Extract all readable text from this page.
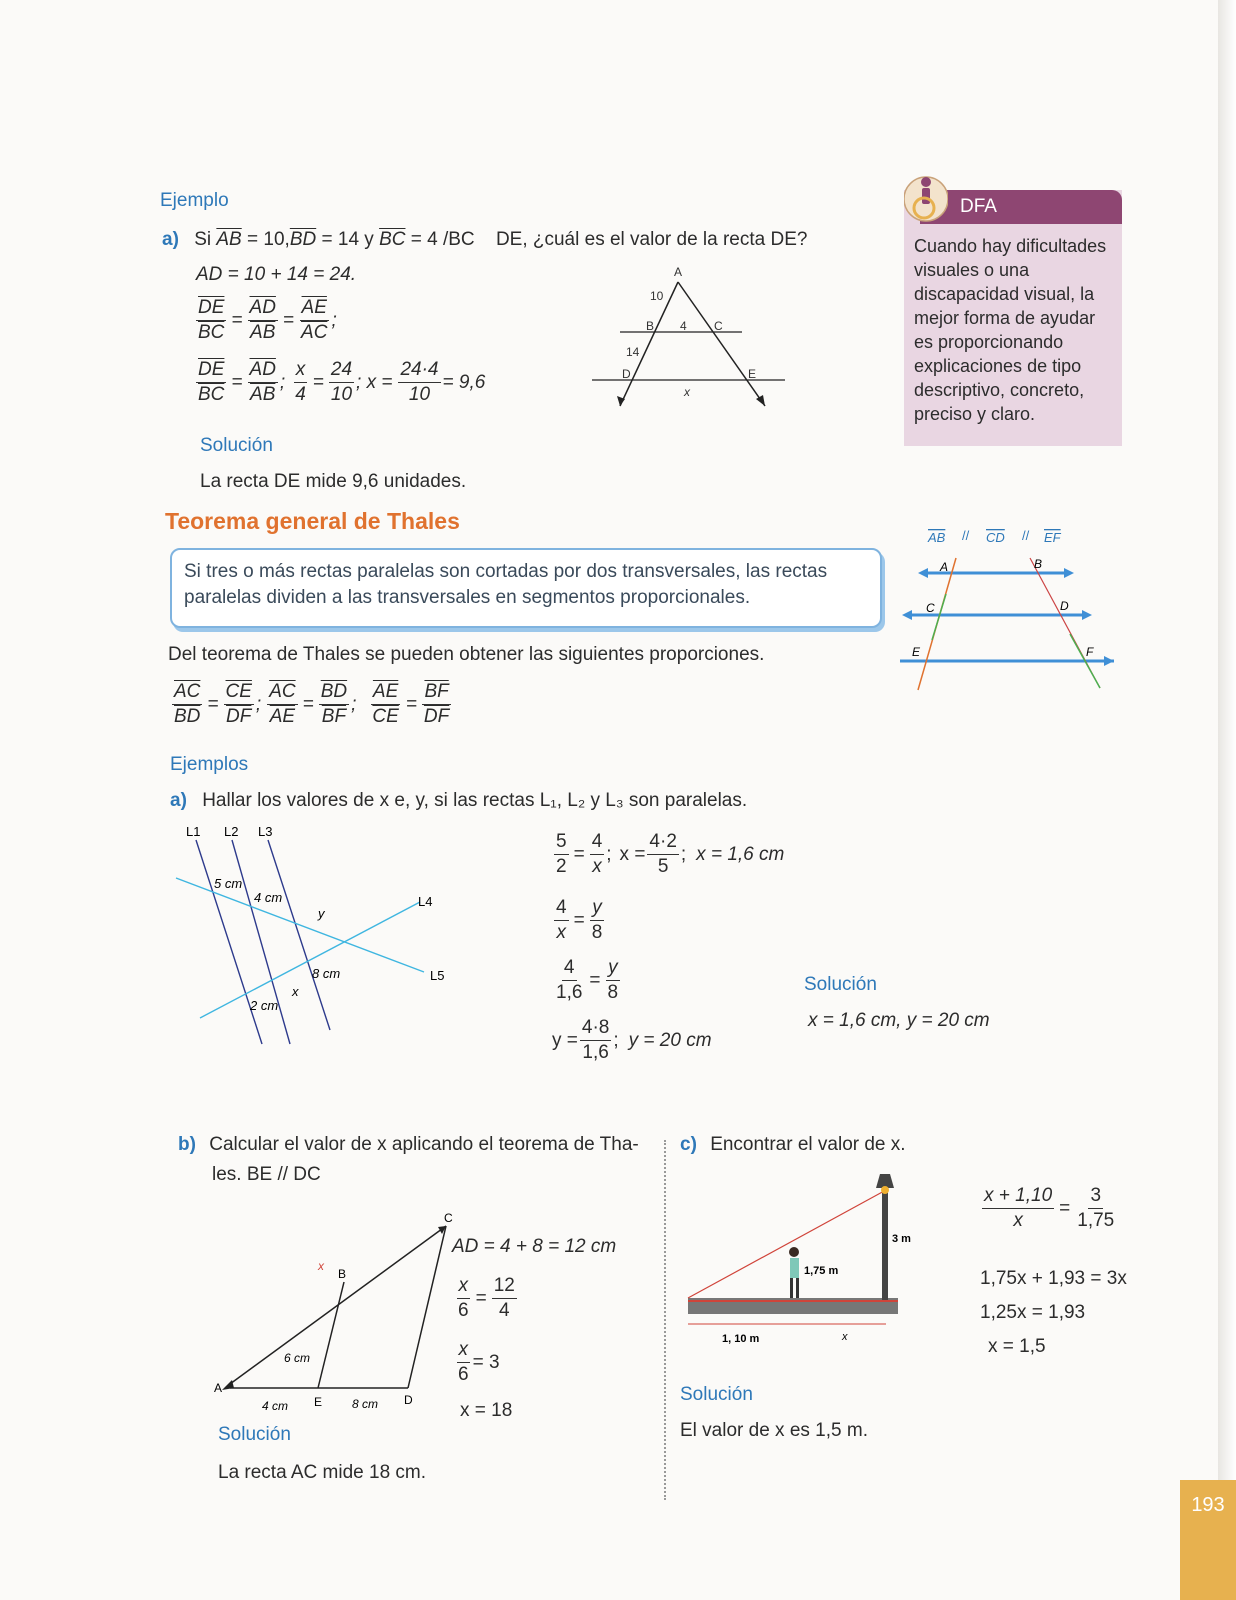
Ejemplo
a) Si $\overline{AB} = 10,\overline{BD} = 14$ y $\overline{BC} = 4$ /BC DE, ¿cuál es el valor de la recta DE?
AD = 10 + 14 = 24.
$\frac{\overline{DE}}{BC} = \frac{\overline{AD}}{AB} = \frac{\overline{AE}}{AC}$ ;
$\frac{\overline{DE}}{BC} = \frac{\overline{AD}}{AB}$ ; $\frac{x}{4} = \frac{24}{10}$ ; $x = \frac{24\cdot 4}{10} = 9,6$
Solución
La recta DE mide 9,6 unidades.
A
B	C
D	E
10
4
14
x
DFA
Cuando hay dificultades visuales o una discapacidad visual, la mejor forma de ayudar es proporcionando explicaciones de tipo descriptivo, concreto, preciso y claro.
Teorema general de Thales
Si tres o más rectas paralelas son cortadas por dos transversales, las rectas paralelas dividen a las transversales en segmentos proporcionales.
AB // CD // EF
A	B
C	D
E	F
Del teorema de Thales se pueden obtener las siguientes proporciones.
$\frac{\overline{AC}}{BD} = \frac{\overline{CE}}{DF}$ ; $\frac{\overline{AC}}{AE} = \frac{\overline{BD}}{BF}$ ; $\frac{\overline{AE}}{CE} = \frac{\overline{BF}}{DF}$
Ejemplos
a) Hallar los valores de x e, y, si las rectas L₁, L₂ y L₃ son paralelas.
L1 L2 L3
L4
L5
5 cm
4 cm
y
8 cm
x
2 cm
$\frac{5}{2} = \frac{4}{x}$ ; $x = \frac{4\cdot 2}{5}$ ; x = 1,6 cm
$\frac{4}{x} = \frac{y}{8}$
$\frac{4}{1,6} = \frac{y}{8}$
$y = \frac{4\cdot 8}{1,6}$ ; y = 20 cm
Solución
x = 1,6 cm, y = 20 cm
b) Calcular el valor de x aplicando el teorema de Tha-
les. BE // DC
C
B
A
E	D
x
6 cm
4 cm	8 cm
AD = 4 + 8 = 12 cm
$\frac{x}{6} = \frac{12}{4}$
$\frac{x}{6} = 3$
x = 18
Solución
La recta AC mide 18 cm.
c) Encontrar el valor de x.
3 m
1,75 m
1, 10 m	x
$\frac{x + 1,10}{x} = \frac{3}{1,75}$
1,75x + 1,93 = 3x
1,25x = 1,93
x = 1,5
Solución
El valor de x es 1,5 m.
193
